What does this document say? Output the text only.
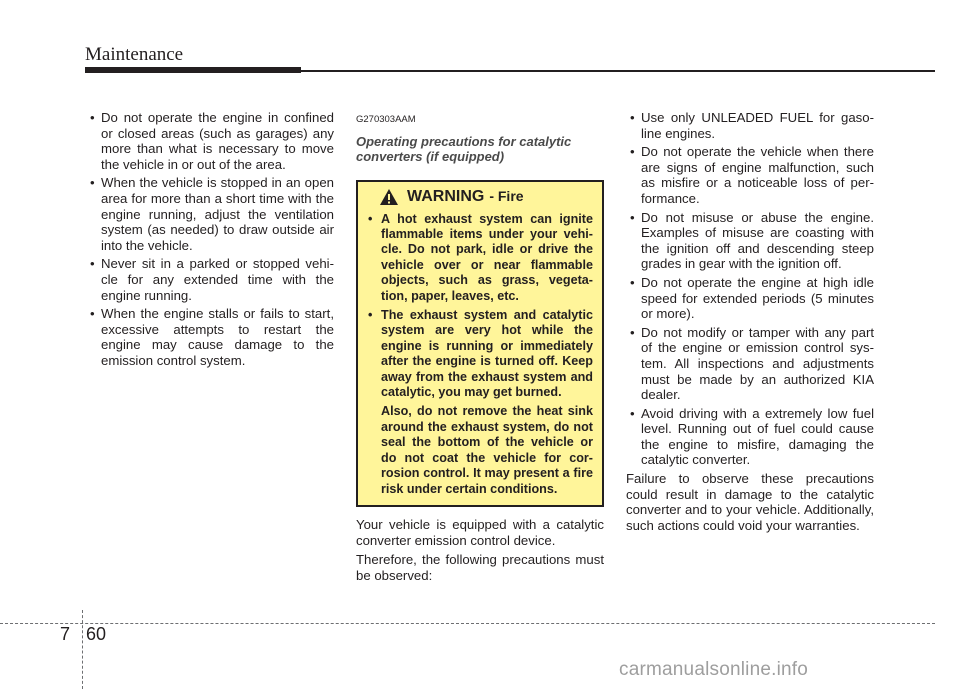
Maintenance
• Do not operate the engine in confined or closed areas (such as garages) any more than what is necessary to move the vehicle in or out of the area.
• When the vehicle is stopped in an open area for more than a short time with the engine running, adjust the ventilation system (as needed) to draw outside air into the vehicle.
• Never sit in a parked or stopped vehi-cle for any extended time with the engine running.
• When the engine stalls or fails to start, excessive attempts to restart the engine may cause damage to the emission control system.
G270303AAM
Operating precautions for catalytic converters (if equipped)
WARNING - Fire
• A hot exhaust system can ignite flammable items under your vehi-cle. Do not park, idle or drive the vehicle over or near flammable objects, such as grass, vegeta-tion, paper, leaves, etc.
• The exhaust system and catalytic system are very hot while the engine is running or immediately after the engine is turned off. Keep away from the exhaust system and catalytic, you may get burned.
Also, do not remove the heat sink around the exhaust system, do not seal the bottom of the vehicle or do not coat the vehicle for cor-rosion control. It may present a fire risk under certain conditions.
Your vehicle is equipped with a catalytic converter emission control device.
Therefore, the following precautions must be observed:
• Use only UNLEADED FUEL for gaso-line engines.
• Do not operate the vehicle when there are signs of engine malfunction, such as misfire or a noticeable loss of per-formance.
• Do not misuse or abuse the engine. Examples of misuse are coasting with the ignition off and descending steep grades in gear with the ignition off.
• Do not operate the engine at high idle speed for extended periods (5 minutes or more).
• Do not modify or tamper with any part of the engine or emission control sys-tem. All inspections and adjustments must be made by an authorized KIA dealer.
• Avoid driving with a extremely low fuel level. Running out of fuel could cause the engine to misfire, damaging the catalytic converter.
Failure to observe these precautions could result in damage to the catalytic converter and to your vehicle. Additionally, such actions could void your warranties.
7 60
carmanualsonline.info
